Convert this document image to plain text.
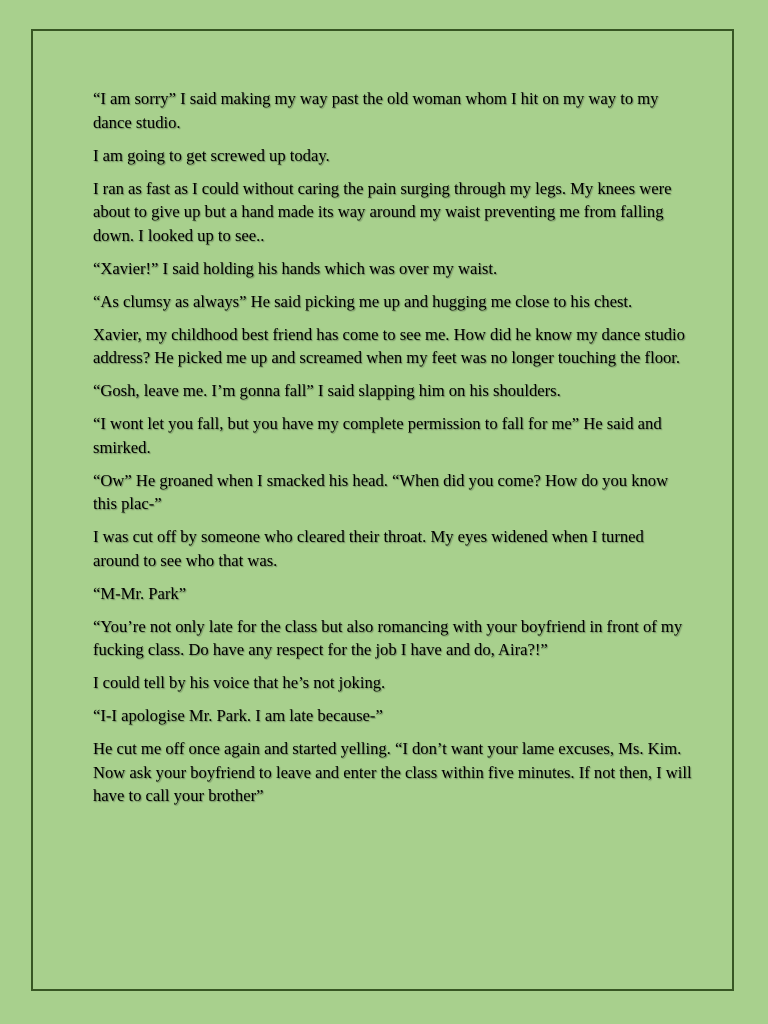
“I am sorry” I said making my way past the old woman whom I hit on my way to my dance studio.

I am going to get screwed up today.

I ran as fast as I could without caring the pain surging through my legs. My knees were about to give up but a hand made its way around my waist preventing me from falling down. I looked up to see..

“Xavier!” I said holding his hands which was over my waist.

“As clumsy as always” He said picking me up and hugging me close to his chest.

Xavier, my childhood best friend has come to see me. How did he know my dance studio address? He picked me up and screamed when my feet was no longer touching the floor.

“Gosh, leave me. I’m gonna fall” I said slapping him on his shoulders.

“I wont let you fall, but you have my complete permission to fall for me” He said and smirked.

“Ow” He groaned when I smacked his head. “When did you come? How do you know this plac-”

I was cut off by someone who cleared their throat. My eyes widened when I turned around to see who that was.

“M-Mr. Park”

“You’re not only late for the class but also romancing with your boyfriend in front of my fucking class. Do have any respect for the job I have and do, Aira?!”

I could tell by his voice that he’s not joking.

“I-I apologise Mr. Park. I am late because-”

He cut me off once again and started yelling. “I don’t want your lame excuses, Ms. Kim. Now ask your boyfriend to leave and enter the class within five minutes. If not then, I will have to call your brother”
